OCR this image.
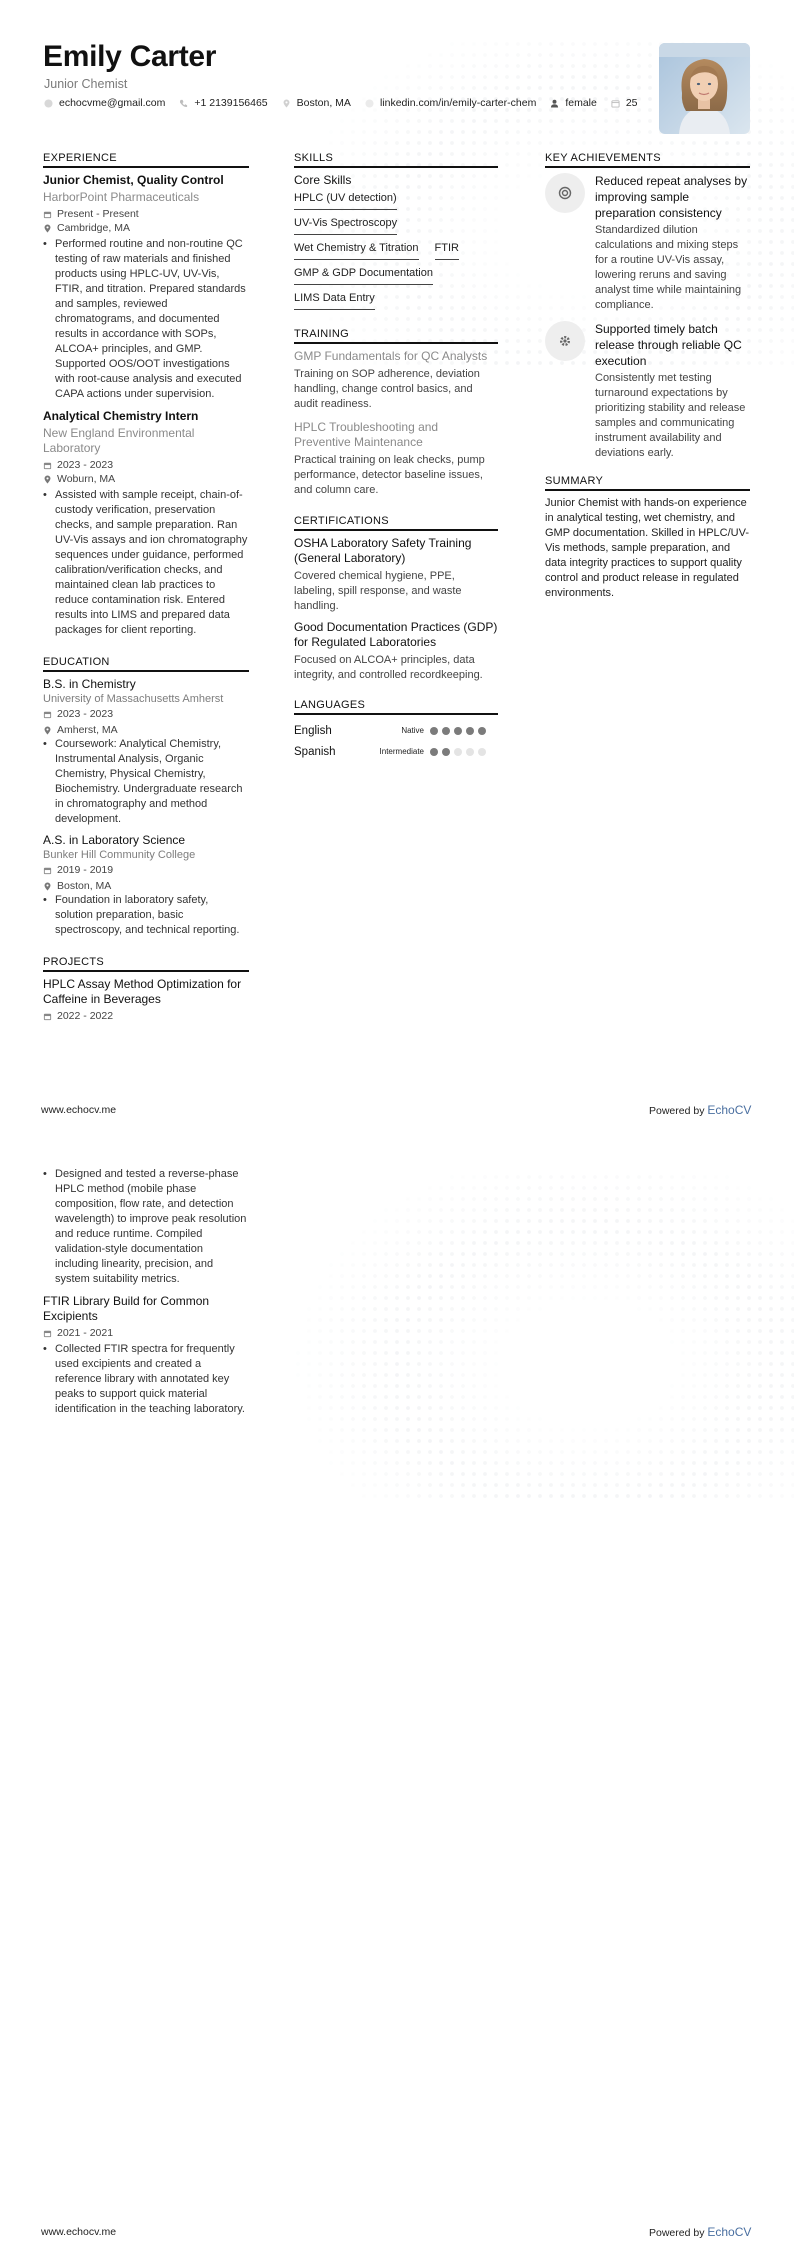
Emily Carter
Junior Chemist
echocvme@gmail.com	+1 2139156465	Boston, MA	linkedin.com/in/emily-carter-chem	female	25
EXPERIENCE
Junior Chemist, Quality Control
HarborPoint Pharmaceuticals
Present - Present
Cambridge, MA
• Performed routine and non-routine QC testing of raw materials and finished products using HPLC-UV, UV-Vis, FTIR, and titration. Prepared standards and samples, reviewed chromatograms, and documented results in accordance with SOPs, ALCOA+ principles, and GMP. Supported OOS/OOT investigations with root-cause analysis and executed CAPA actions under supervision.
Analytical Chemistry Intern
New England Environmental Laboratory
2023 - 2023
Woburn, MA
• Assisted with sample receipt, chain-of-custody verification, preservation checks, and sample preparation. Ran UV-Vis assays and ion chromatography sequences under guidance, performed calibration/verification checks, and maintained clean lab practices to reduce contamination risk. Entered results into LIMS and prepared data packages for client reporting.
EDUCATION
B.S. in Chemistry
University of Massachusetts Amherst
2023 - 2023
Amherst, MA
• Coursework: Analytical Chemistry, Instrumental Analysis, Organic Chemistry, Physical Chemistry, Biochemistry. Undergraduate research in chromatography and method development.
A.S. in Laboratory Science
Bunker Hill Community College
2019 - 2019
Boston, MA
• Foundation in laboratory safety, solution preparation, basic spectroscopy, and technical reporting.
PROJECTS
HPLC Assay Method Optimization for Caffeine in Beverages
2022 - 2022
SKILLS
Core Skills
HPLC (UV detection)
UV-Vis Spectroscopy
Wet Chemistry & Titration FTIR
GMP & GDP Documentation
LIMS Data Entry
TRAINING
GMP Fundamentals for QC Analysts
Training on SOP adherence, deviation handling, change control basics, and audit readiness.
HPLC Troubleshooting and Preventive Maintenance
Practical training on leak checks, pump performance, detector baseline issues, and column care.
CERTIFICATIONS
OSHA Laboratory Safety Training (General Laboratory)
Covered chemical hygiene, PPE, labeling, spill response, and waste handling.
Good Documentation Practices (GDP) for Regulated Laboratories
Focused on ALCOA+ principles, data integrity, and controlled recordkeeping.
LANGUAGES
English	Native
Spanish	Intermediate
KEY ACHIEVEMENTS
Reduced repeat analyses by improving sample preparation consistency
Standardized dilution calculations and mixing steps for a routine UV-Vis assay, lowering reruns and saving analyst time while maintaining compliance.
Supported timely batch release through reliable QC execution
Consistently met testing turnaround expectations by prioritizing stability and release samples and communicating instrument availability and deviations early.
SUMMARY
Junior Chemist with hands-on experience in analytical testing, wet chemistry, and GMP documentation. Skilled in HPLC/UV-Vis methods, sample preparation, and data integrity practices to support quality control and product release in regulated environments.
www.echocv.me	Powered by EchoCV
• Designed and tested a reverse-phase HPLC method (mobile phase composition, flow rate, and detection wavelength) to improve peak resolution and reduce runtime. Compiled validation-style documentation including linearity, precision, and system suitability metrics.
FTIR Library Build for Common Excipients
2021 - 2021
• Collected FTIR spectra for frequently used excipients and created a reference library with annotated key peaks to support quick material identification in the teaching laboratory.
www.echocv.me	Powered by EchoCV
